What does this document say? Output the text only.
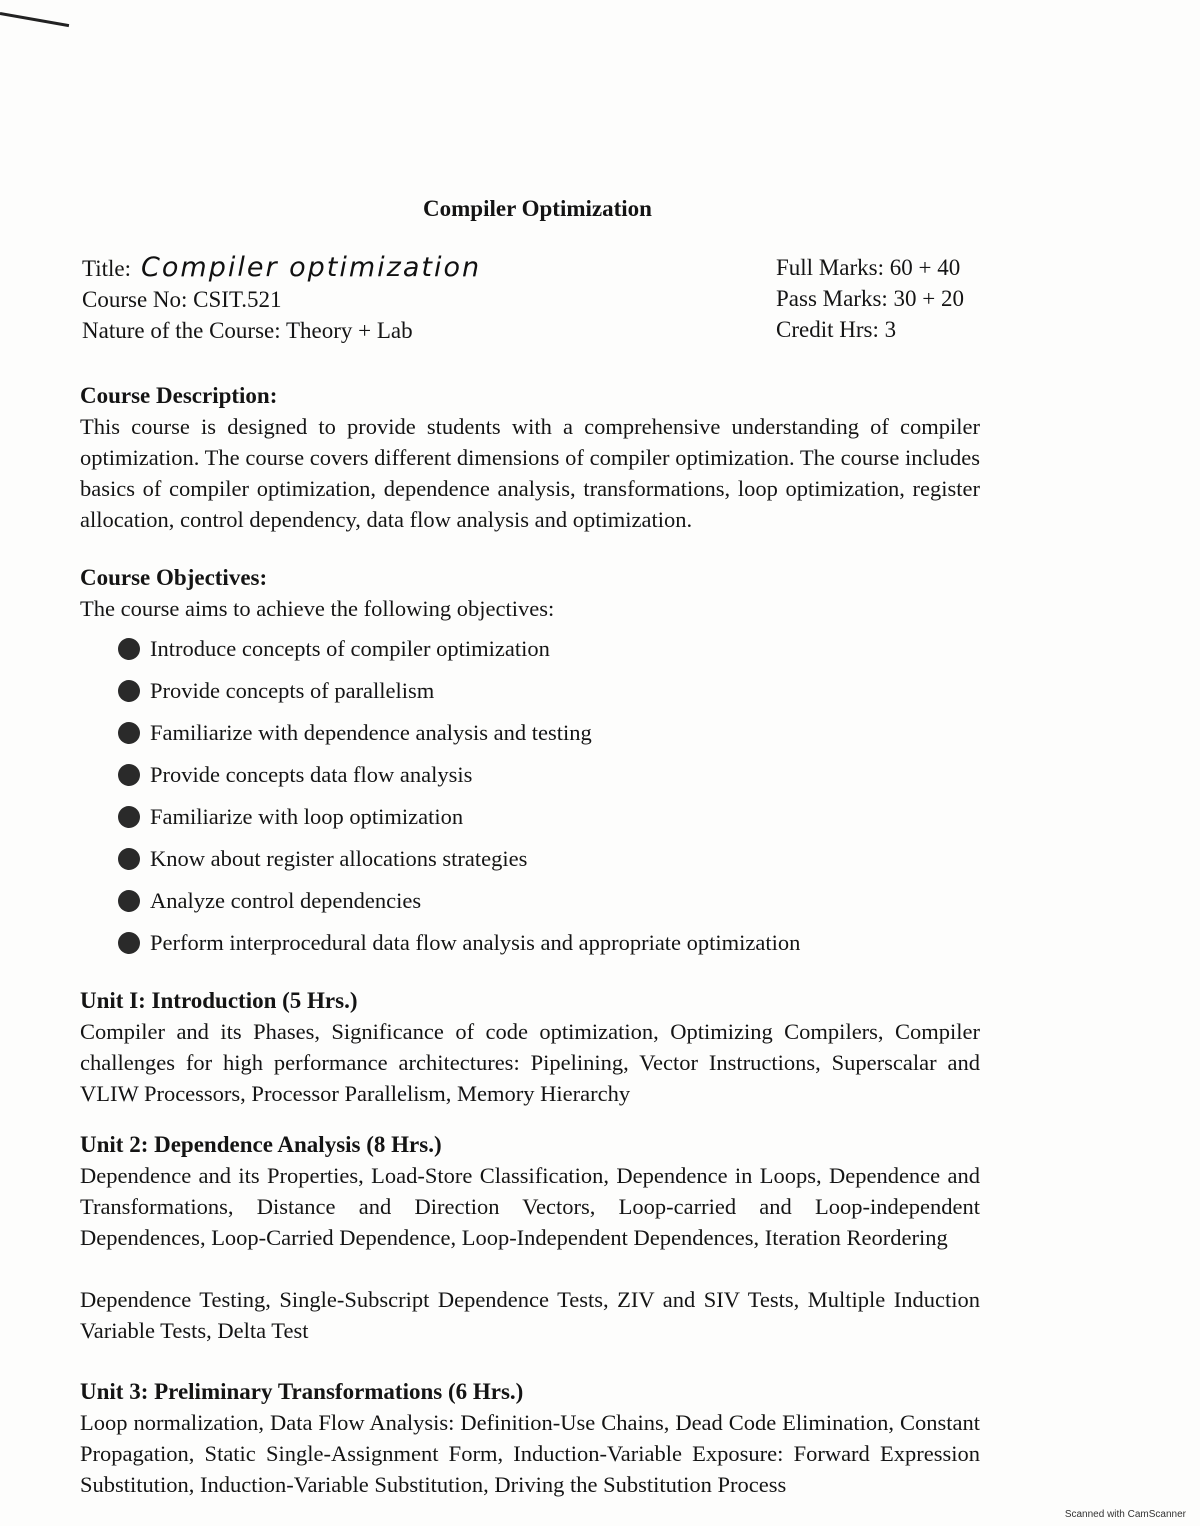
Compiler Optimization
Title: Compiler optimization
Course No: CSIT.521
Nature of the Course: Theory + Lab
Full Marks: 60 + 40
Pass Marks: 30 + 20
Credit Hrs: 3
Course Description:
This course is designed to provide students with a comprehensive understanding of compiler optimization. The course covers different dimensions of compiler optimization. The course includes basics of compiler optimization, dependence analysis, transformations, loop optimization, register allocation, control dependency, data flow analysis and optimization.
Course Objectives:
The course aims to achieve the following objectives:
Introduce concepts of compiler optimization
Provide concepts of parallelism
Familiarize with dependence analysis and testing
Provide concepts data flow analysis
Familiarize with loop optimization
Know about register allocations strategies
Analyze control dependencies
Perform interprocedural data flow analysis and appropriate optimization
Unit I: Introduction (5 Hrs.)
Compiler and its Phases, Significance of code optimization, Optimizing Compilers, Compiler challenges for high performance architectures: Pipelining, Vector Instructions, Superscalar and VLIW Processors, Processor Parallelism, Memory Hierarchy
Unit 2: Dependence Analysis (8 Hrs.)
Dependence and its Properties, Load-Store Classification, Dependence in Loops, Dependence and Transformations, Distance and Direction Vectors, Loop-carried and Loop-independent Dependences, Loop-Carried Dependence, Loop-Independent Dependences, Iteration Reordering
Dependence Testing, Single-Subscript Dependence Tests, ZIV and SIV Tests, Multiple Induction Variable Tests, Delta Test
Unit 3: Preliminary Transformations (6 Hrs.)
Loop normalization, Data Flow Analysis: Definition-Use Chains, Dead Code Elimination, Constant Propagation, Static Single-Assignment Form, Induction-Variable Exposure: Forward Expression Substitution, Induction-Variable Substitution, Driving the Substitution Process
Scanned with CamScanner
